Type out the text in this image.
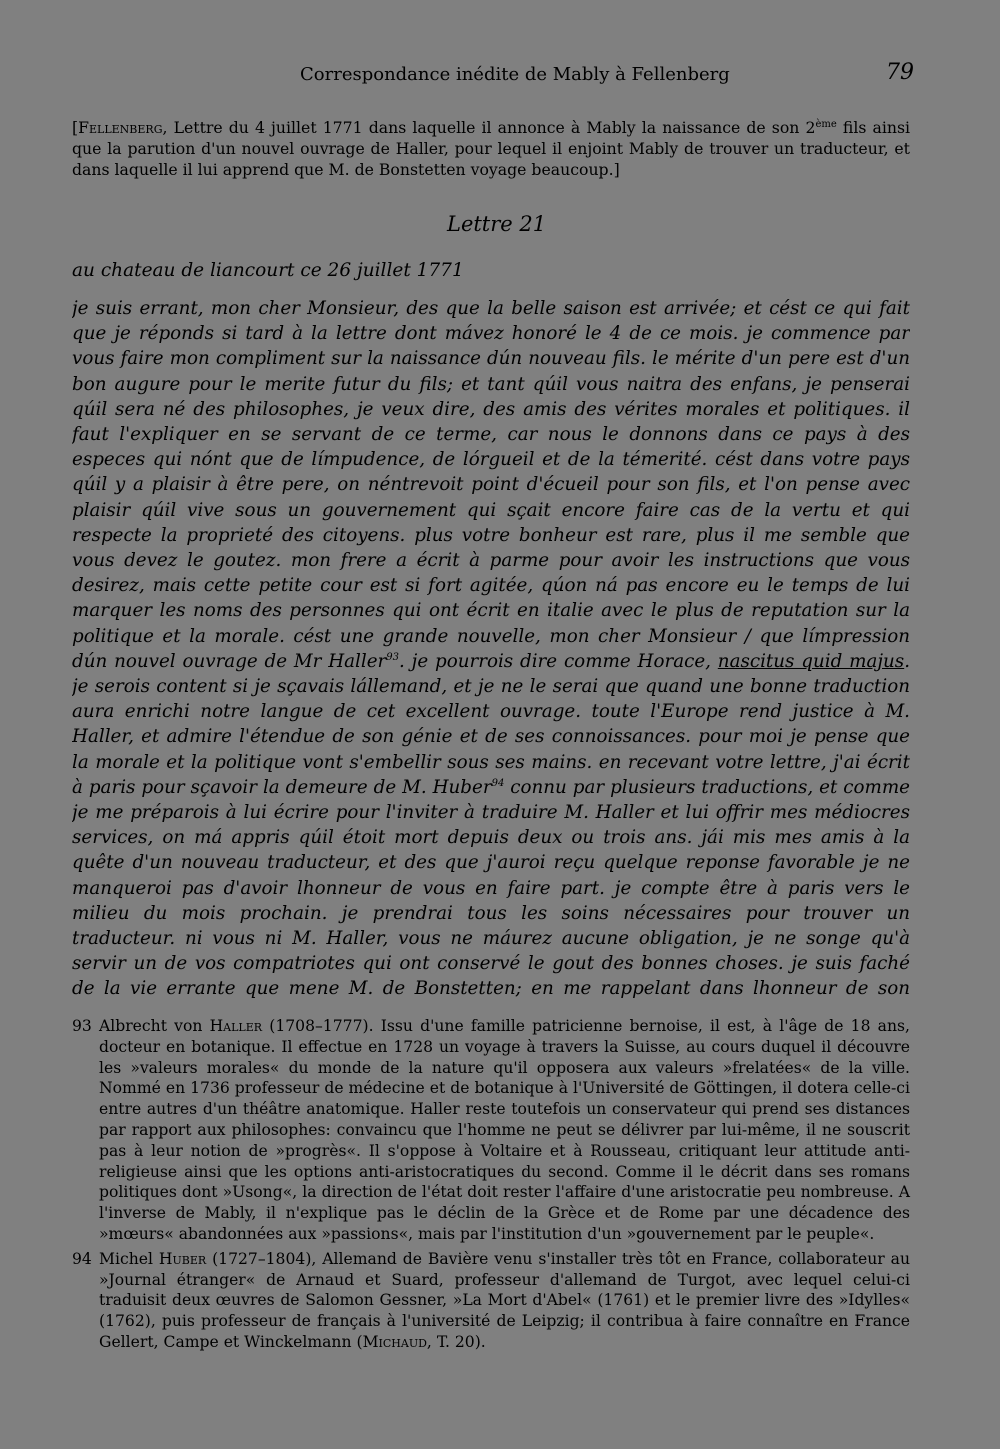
Correspondance inédite de Mably à Fellenberg	79
[Fellenberg, Lettre du 4 juillet 1771 dans laquelle il annonce à Mably la naissance de son 2ème fils ainsi que la parution d'un nouvel ouvrage de Haller, pour lequel il enjoint Mably de trouver un traducteur, et dans laquelle il lui apprend que M. de Bonstetten voyage beaucoup.]
Lettre 21
au chateau de liancourt ce 26 juillet 1771

je suis errant, mon cher Monsieur, des que la belle saison est arrivée; et cést ce qui fait que je réponds si tard à la lettre dont mávez honoré le 4 de ce mois. je commence par vous faire mon compliment sur la naissance dún nouveau fils. le mérite d'un pere est d'un bon augure pour le merite futur du fils; et tant qúil vous naitra des enfans, je penserai qúil sera né des philosophes, je veux dire, des amis des vérites morales et politiques. il faut l'expliquer en se servant de ce terme, car nous le donnons dans ce pays à des especes qui nónt que de límpudence, de lórgueil et de la témerité. cést dans votre pays qúil y a plaisir à être pere, on néntrevoit point d'écueil pour son fils, et l'on pense avec plaisir qúil vive sous un gouvernement qui sçait encore faire cas de la vertu et qui respecte la proprieté des citoyens. plus votre bonheur est rare, plus il me semble que vous devez le goutez. mon frere a écrit à parme pour avoir les instructions que vous desirez, mais cette petite cour est si fort agitée, qúon ná pas encore eu le temps de lui marquer les noms des personnes qui ont écrit en italie avec le plus de reputation sur la politique et la morale. cést une grande nouvelle, mon cher Monsieur / que límpression dún nouvel ouvrage de Mr Haller$^{93}$. je pourrois dire comme Horace, nascitus quid majus. je serois content si je sçavais lállemand, et je ne le serai que quand une bonne traduction aura enrichi notre langue de cet excellent ouvrage. toute l'Europe rend justice à M. Haller, et admire l'étendue de son génie et de ses connoissances. pour moi je pense que la morale et la politique vont s'embellir sous ses mains. en recevant votre lettre, j'ai écrit à paris pour sçavoir la demeure de M. Huber$^{94}$ connu par plusieurs traductions, et comme je me préparois à lui écrire pour l'inviter à traduire M. Haller et lui offrir mes médiocres services, on má appris qúil étoit mort depuis deux ou trois ans. jái mis mes amis à la quête d'un nouveau traducteur, et des que j'auroi reçu quelque reponse favorable je ne manqueroi pas d'avoir lhonneur de vous en faire part. je compte être à paris vers le milieu du mois prochain. je prendrai tous les soins nécessaires pour trouver un traducteur. ni vous ni M. Haller, vous ne máurez aucune obligation, je ne songe qu'à servir un de vos compatriotes qui ont conservé le gout des bonnes choses. je suis faché de la vie errante que mene M. de Bonstetten; en me rappelant dans lhonneur de son

93 Albrecht von Haller (1708–1777). Issu d'une famille patricienne bernoise, il est, à l'âge de 18 ans, docteur en botanique. Il effectue en 1728 un voyage à travers la Suisse, au cours duquel il découvre les »valeurs morales« du monde de la nature qu'il opposera aux valeurs »frelatées« de la ville. Nommé en 1736 professeur de médecine et de botanique à l'Université de Göttingen, il dotera celle-ci entre autres d'un théâtre anatomique. Haller reste toutefois un conservateur qui prend ses distances par rapport aux philosophes: convaincu que l'homme ne peut se délivrer par lui-même, il ne souscrit pas à leur notion de »progrès«. Il s'oppose à Voltaire et à Rousseau, critiquant leur attitude anti-religieuse ainsi que les options anti-aristocratiques du second. Comme il le décrit dans ses romans politiques dont »Usong«, la direction de l'état doit rester l'affaire d'une aristocratie peu nombreuse. A l'inverse de Mably, il n'explique pas le déclin de la Grèce et de Rome par une décadence des »mœurs« abandonnées aux »passions«, mais par l'institution d'un »gouvernement par le peuple«.
94 Michel Huber (1727–1804), Allemand de Bavière venu s'installer très tôt en France, collaborateur au »Journal étranger« de Arnaud et Suard, professeur d'allemand de Turgot, avec lequel celui-ci traduisit deux œuvres de Salomon Gessner, »La Mort d'Abel« (1761) et le premier livre des »Idylles« (1762), puis professeur de français à l'université de Leipzig; il contribua à faire connaître en France Gellert, Campe et Winckelmann (Michaud, T. 20).
